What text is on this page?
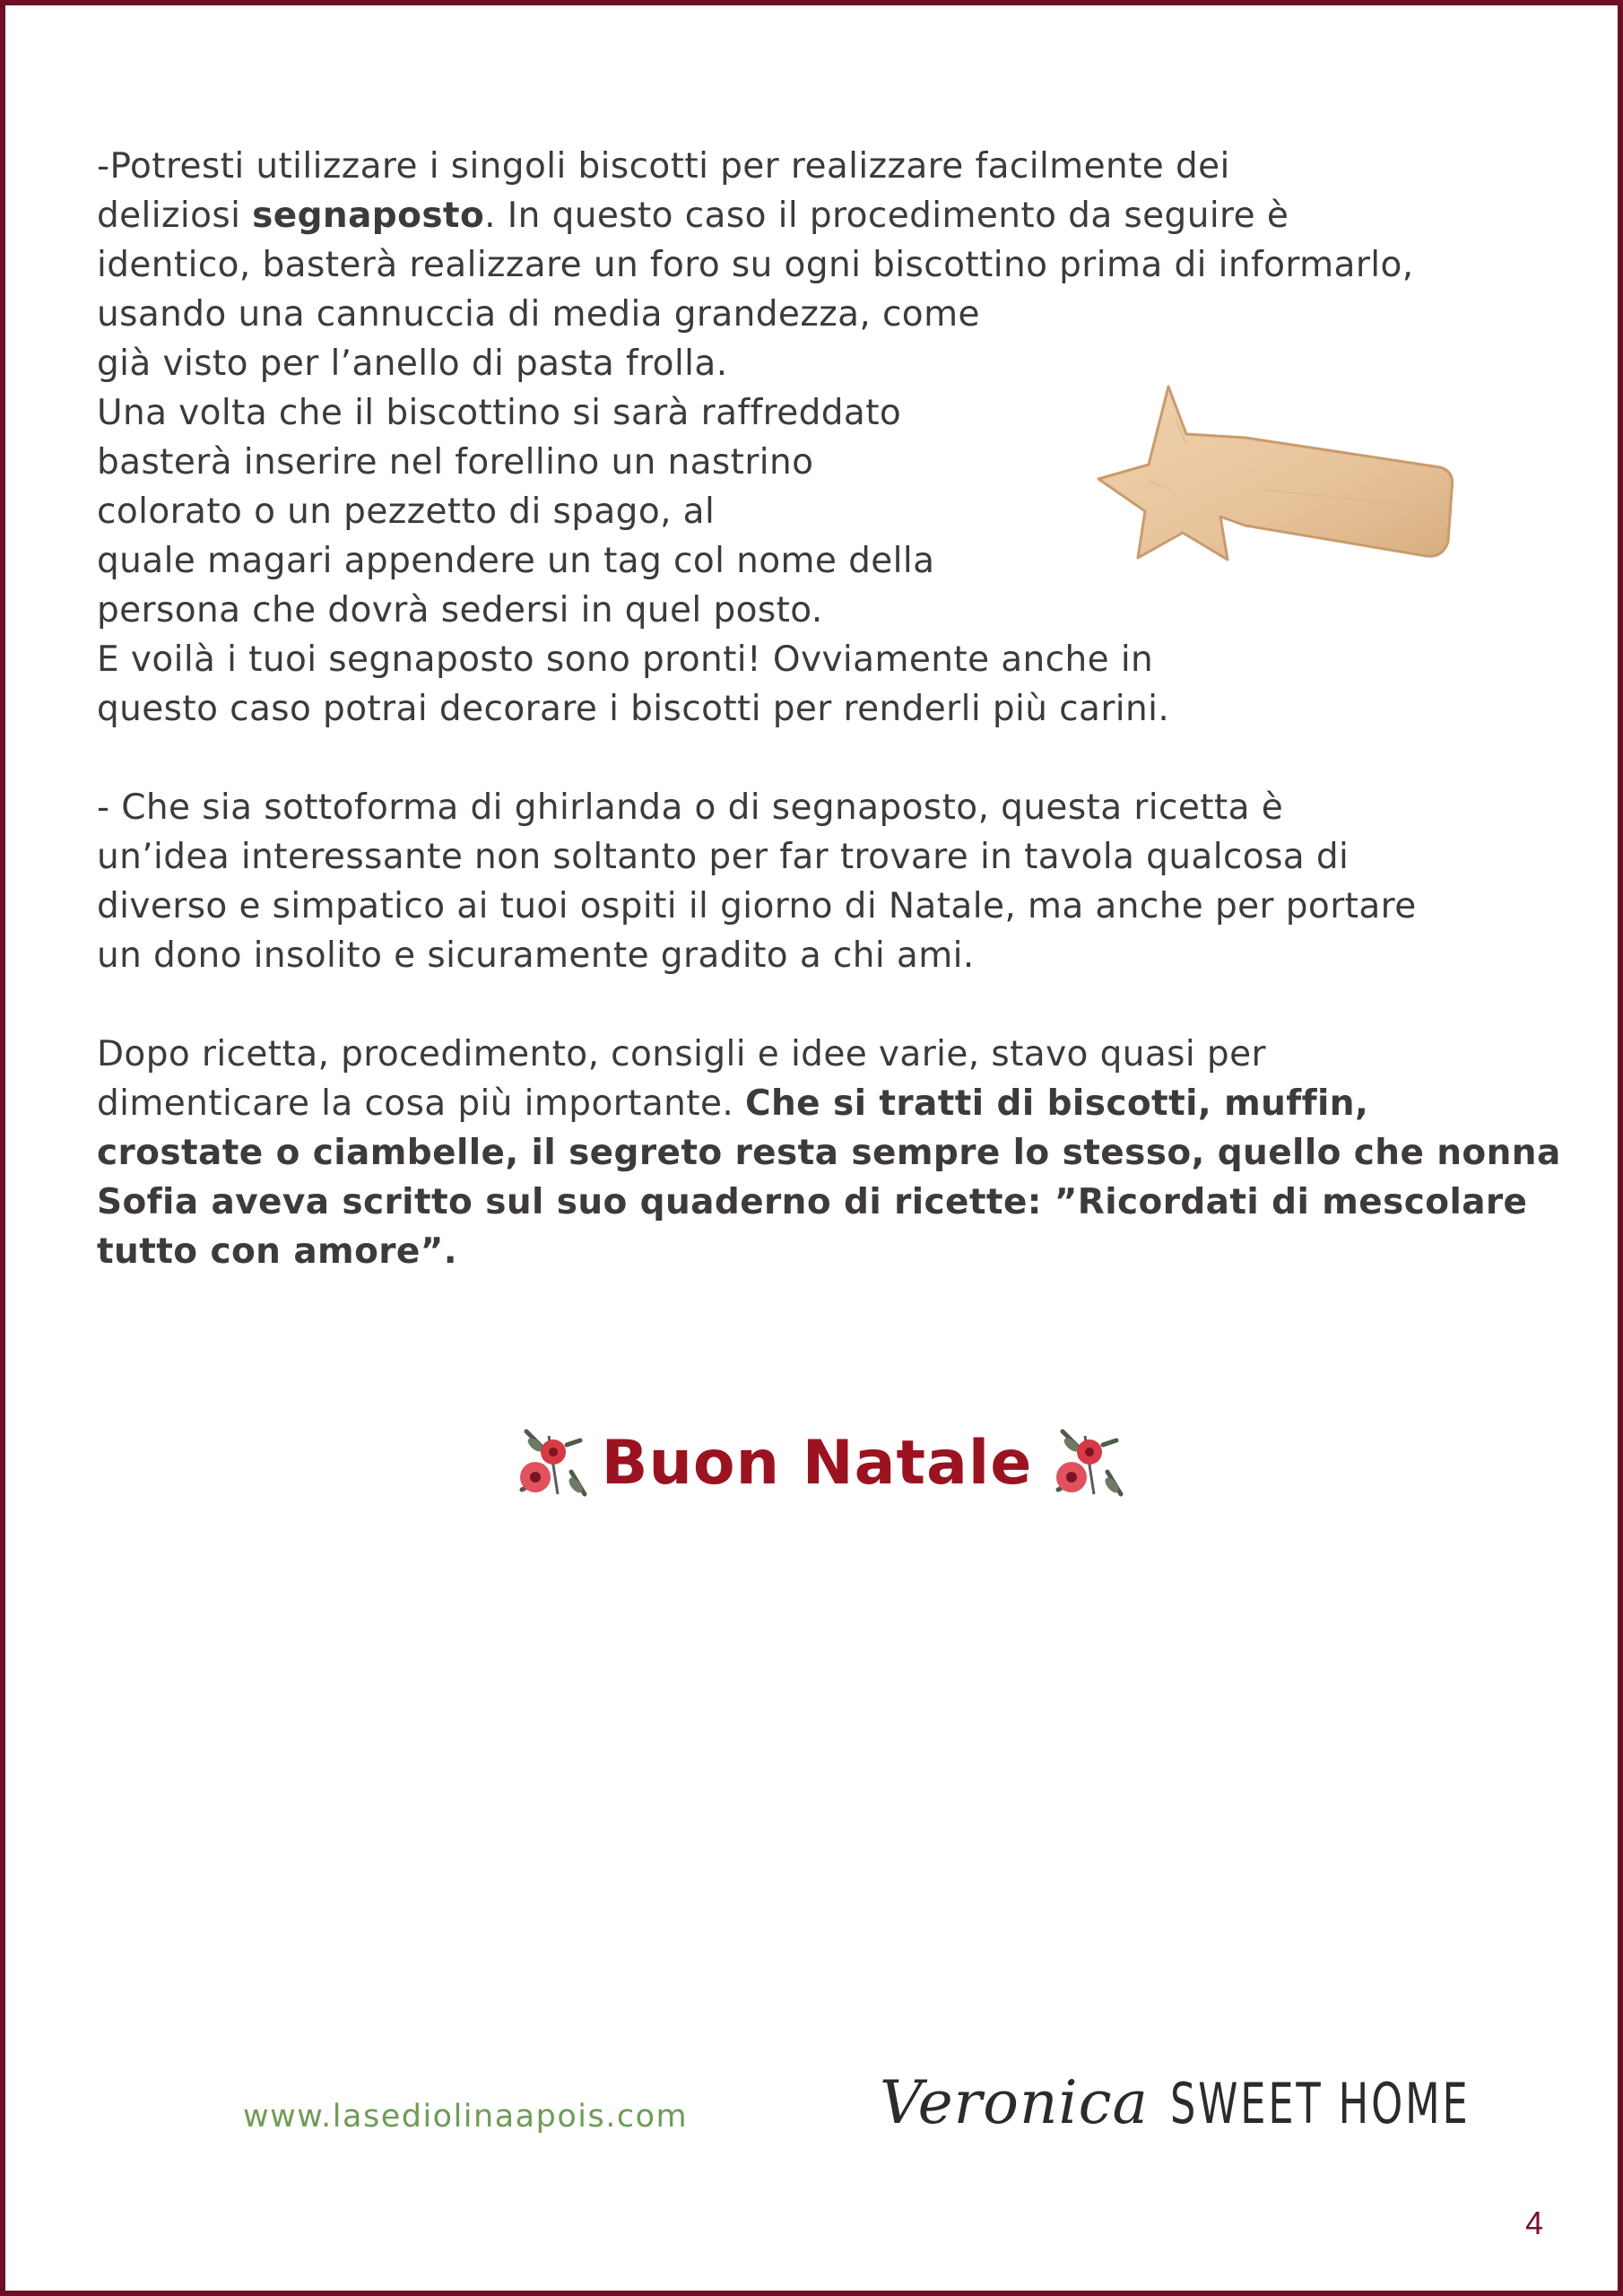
-Potresti utilizzare i singoli biscotti per realizzare facilmente dei
deliziosi segnaposto. In questo caso il procedimento da seguire è
identico, basterà realizzare un foro su ogni biscottino prima di informarlo,
usando una cannuccia di media grandezza, come
già visto per l’anello di pasta frolla.
Una volta che il biscottino si sarà raffreddato
basterà inserire nel forellino un nastrino
colorato o un pezzetto di spago, al
quale magari appendere un tag col nome della
persona che dovrà sedersi in quel posto.
E voilà i tuoi segnaposto sono pronti! Ovviamente anche in
questo caso potrai decorare i biscotti per renderli più carini.
- Che sia sottoforma di ghirlanda o di segnaposto, questa ricetta è
un’idea interessante non soltanto per far trovare in tavola qualcosa di
diverso e simpatico ai tuoi ospiti il giorno di Natale, ma anche per portare
un dono insolito e sicuramente gradito a chi ami.
Dopo ricetta, procedimento, consigli e idee varie, stavo quasi per
dimenticare la cosa più importante. Che si tratti di biscotti, muffin,
crostate o ciambelle, il segreto resta sempre lo stesso, quello che nonna
Sofia aveva scritto sul suo quaderno di ricette: ”Ricordati di mescolare
tutto con amore”.
Buon Natale
www.lasediolinaapois.com	Veronica SWEET HOME
4
